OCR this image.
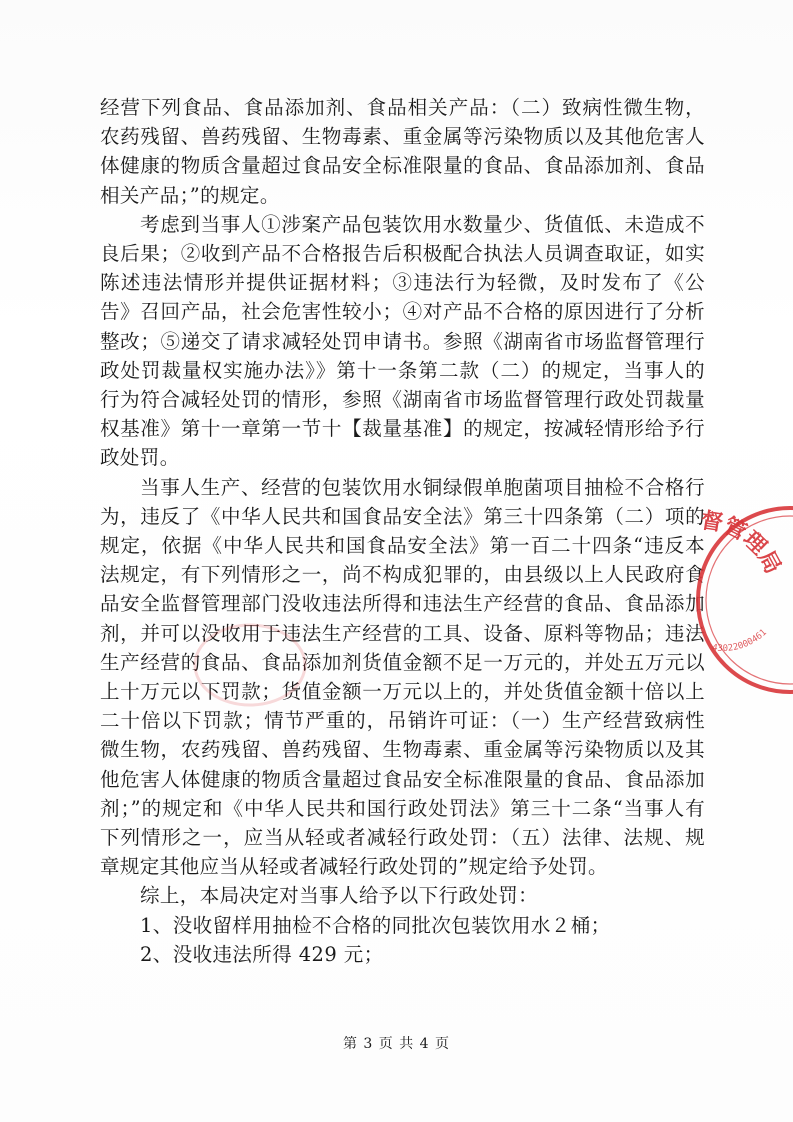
经营下列食品、食品添加剂、食品相关产品：（二）致病性微生物，农药残留、兽药残留、生物毒素、重金属等污染物质以及其他危害人体健康的物质含量超过食品安全标准限量的食品、食品添加剂、食品相关产品；”的规定。

考虑到当事人①涉案产品包装饮用水数量少、货值低、未造成不良后果；②收到产品不合格报告后积极配合执法人员调查取证，如实陈述违法情形并提供证据材料；③违法行为轻微，及时发布了《公告》召回产品，社会危害性较小；④对产品不合格的原因进行了分析整改；⑤递交了请求减轻处罚申请书。参照《湖南省市场监督管理行政处罚裁量权实施办法》》第十一条第二款（二）的规定，当事人的行为符合减轻处罚的情形，参照《湖南省市场监督管理行政处罚裁量权基准》第十一章第一节十【裁量基准】的规定，按减轻情形给予行政处罚。

当事人生产、经营的包装饮用水铜绿假单胞菌项目抽检不合格行为，违反了《中华人民共和国食品安全法》第三十四条第（二）项的规定，依据《中华人民共和国食品安全法》第一百二十四条“违反本法规定，有下列情形之一，尚不构成犯罪的，由县级以上人民政府食品安全监督管理部门没收违法所得和违法生产经营的食品、食品添加剂，并可以没收用于违法生产经营的工具、设备、原料等物品；违法生产经营的食品、食品添加剂货值金额不足一万元的，并处五万元以上十万元以下罚款；货值金额一万元以上的，并处货值金额十倍以上二十倍以下罚款；情节严重的，吊销许可证：（一）生产经营致病性微生物，农药残留、兽药残留、生物毒素、重金属等污染物质以及其他危害人体健康的物质含量超过食品安全标准限量的食品、食品添加剂；”的规定和《中华人民共和国行政处罚法》第三十二条“当事人有下列情形之一，应当从轻或者减轻行政处罚：（五）法律、法规、规章规定其他应当从轻或者减轻行政处罚的”规定给予处罚。

综上，本局决定对当事人给予以下行政处罚：

1、没收留样用抽检不合格的同批次包装饮用水２桶；

2、没收违法所得 429 元；

督管理局
43022000461
第 3 页 共 4 页
